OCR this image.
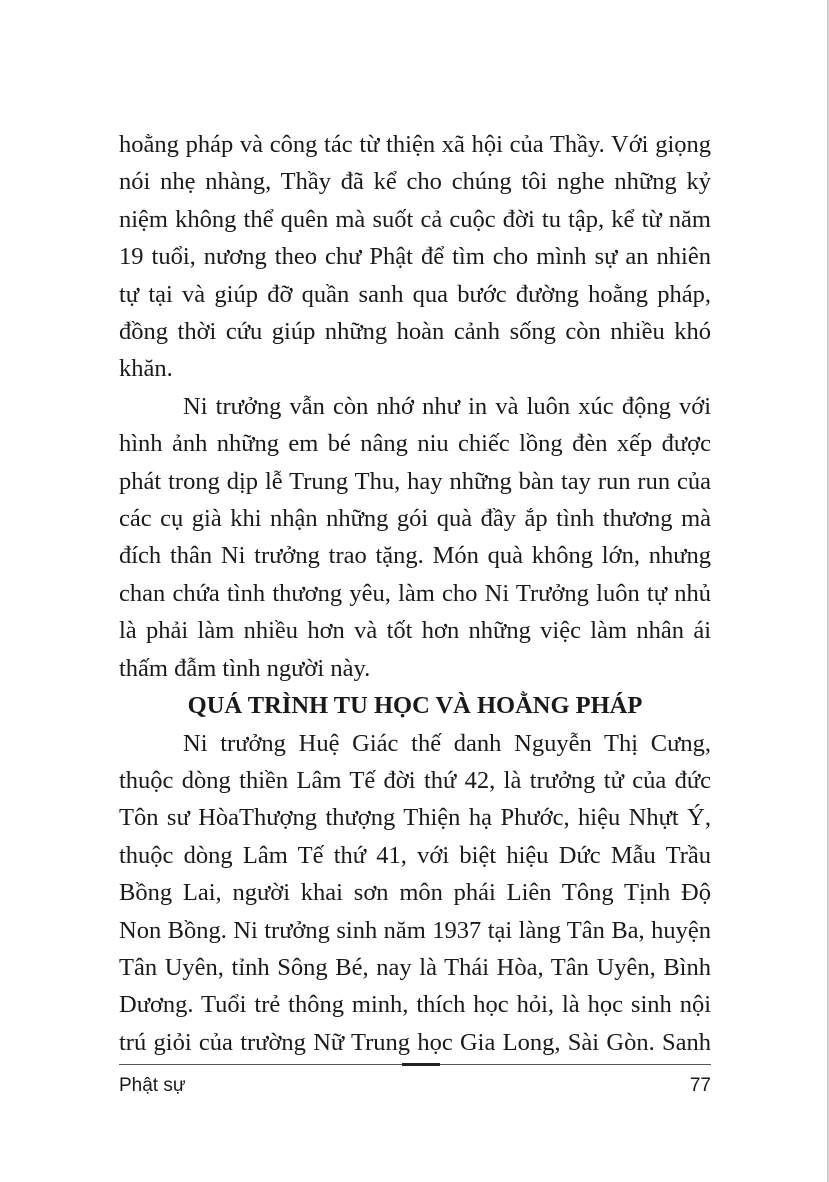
hoằng pháp và công tác từ thiện xã hội của Thầy. Với giọng nói nhẹ nhàng, Thầy đã kể cho chúng tôi nghe những kỷ niệm không thể quên mà suốt cả cuộc đời tu tập, kể từ năm 19 tuổi, nương theo chư Phật để tìm cho mình sự an nhiên tự tại và giúp đỡ quần sanh qua bước đường hoằng pháp, đồng thời cứu giúp những hoàn cảnh sống còn nhiều khó khăn.

Ni trưởng vẫn còn nhớ như in và luôn xúc động với hình ảnh những em bé nâng niu chiếc lồng đèn xếp được phát trong dịp lễ Trung Thu, hay những bàn tay run run của các cụ già khi nhận những gói quà đầy ắp tình thương mà đích thân Ni trưởng trao tặng. Món quà không lớn, nhưng chan chứa tình thương yêu, làm cho Ni Trưởng luôn tự nhủ là phải làm nhiều hơn và tốt hơn những việc làm nhân ái thấm đẫm tình người này.

QUÁ TRÌNH TU HỌC VÀ HOẰNG PHÁP

Ni trưởng Huệ Giác thế danh Nguyễn Thị Cưng, thuộc dòng thiền Lâm Tế đời thứ 42, là trưởng tử của đức Tôn sư HòaThượng thượng Thiện hạ Phước, hiệu Nhựt Ý, thuộc dòng Lâm Tế thứ 41, với biệt hiệu Dức Mẫu Trầu Bồng Lai, người khai sơn môn phái Liên Tông Tịnh Độ Non Bồng. Ni trưởng sinh năm 1937 tại làng Tân Ba, huyện Tân Uyên, tỉnh Sông Bé, nay là Thái Hòa, Tân Uyên, Bình Dương. Tuổi trẻ thông minh, thích học hỏi, là học sinh nội trú giỏi của trường Nữ Trung học Gia Long, Sài Gòn. Sanh

Phật sự	77
